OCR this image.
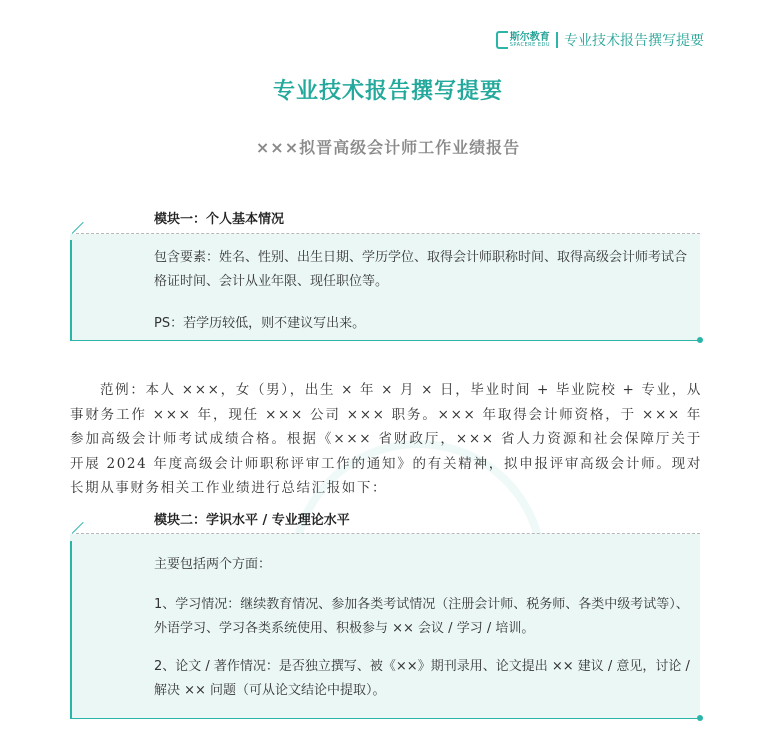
斯尔教育
SPACERE EDU 专业技术报告撰写提要
专业技术报告撰写提要
×××拟晋高级会计师工作业绩报告
模块一：个人基本情况
包含要素：姓名、性别、出生日期、学历学位、取得会计师职称时间、取得高级会计师考试合格证时间、会计从业年限、现任职位等。
PS：若学历较低，则不建议写出来。
范例：本人 ×××，女（男），出生 × 年 × 月 × 日，毕业时间 + 毕业院校 + 专业，从事财务工作 ××× 年，现任 ××× 公司 ××× 职务。××× 年取得会计师资格，于 ××× 年参加高级会计师考试成绩合格。根据《××× 省财政厅，××× 省人力资源和社会保障厅关于开展 2024 年度高级会计师职称评审工作的通知》的有关精神，拟申报评审高级会计师。现对长期从事财务相关工作业绩进行总结汇报如下：
模块二：学识水平 / 专业理论水平
主要包括两个方面：
1、学习情况：继续教育情况、参加各类考试情况（注册会计师、税务师、各类中级考试等）、外语学习、学习各类系统使用、积极参与 ×× 会议 / 学习 / 培训。
2、论文 / 著作情况：是否独立撰写、被《××》期刊录用、论文提出 ×× 建议 / 意见，讨论 / 解决 ×× 问题（可从论文结论中提取）。
